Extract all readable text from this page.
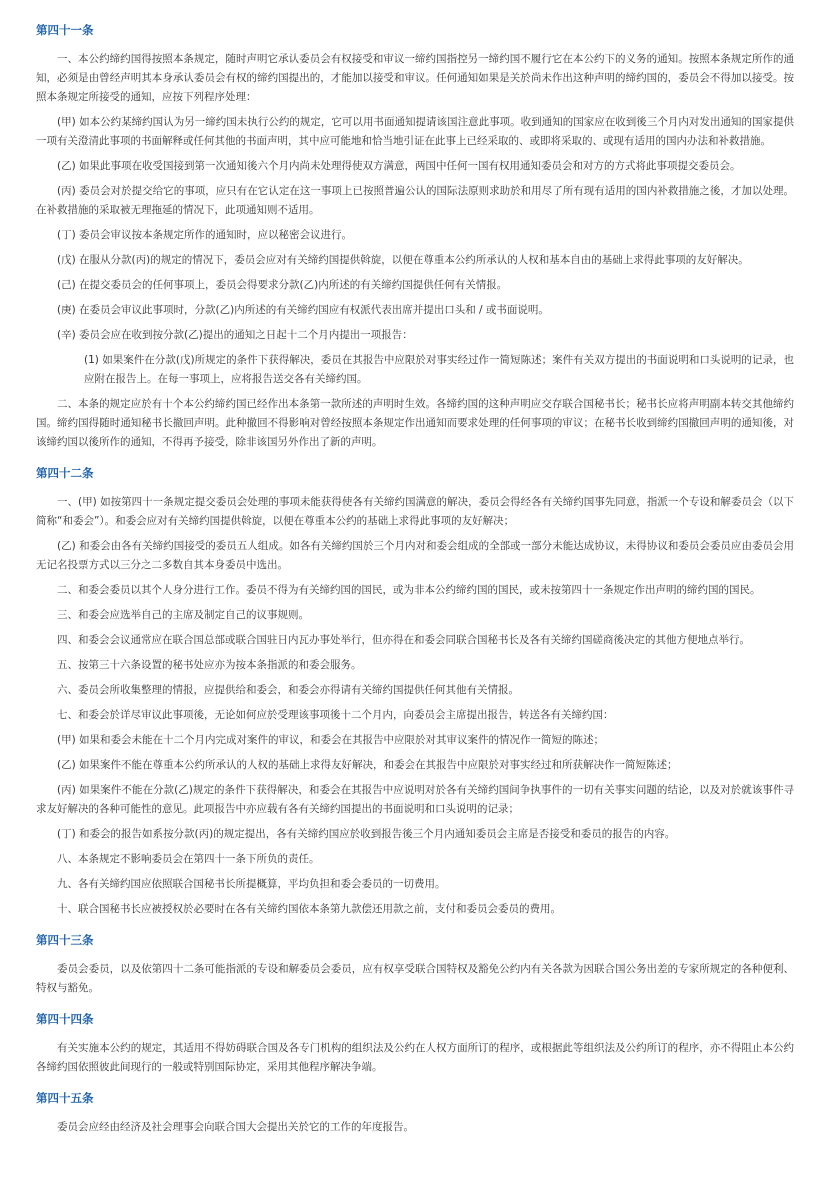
第四十一条

一、本公约缔约国得按照本条规定，随时声明它承认委员会有权接受和审议一缔约国指控另一缔约国不履行它在本公约下的义务的通知。按照本条规定所作的通知，必须是由曾经声明其本身承认委员会有权的缔约国提出的，才能加以接受和审议。任何通知如果是关於尚未作出这种声明的缔约国的，委员会不得加以接受。按照本条规定所接受的通知，应按下列程序处理：

(甲) 如本公约某缔约国认为另一缔约国未执行公约的规定，它可以用书面通知提请该国注意此事项。收到通知的国家应在收到後三个月内对发出通知的国家提供一项有关澄清此事项的书面解释或任何其他的书面声明，其中应可能地和恰当地引证在此事上已经采取的、或即将采取的、或现有适用的国内办法和补救措施。

(乙) 如果此事项在收受国接到第一次通知後六个月内尚未处理得使双方满意，两国中任何一国有权用通知委员会和对方的方式将此事项提交委员会。

(丙) 委员会对於提交给它的事项，应只有在它认定在这一事项上已按照普遍公认的国际法原则求助於和用尽了所有现有适用的国内补救措施之後，才加以处理。在补救措施的采取被无理拖延的情况下，此项通知则不适用。

(丁) 委员会审议按本条规定所作的通知时，应以秘密会议进行。

(戊) 在服从分款(丙)的规定的情况下，委员会应对有关缔约国提供斡旋，以便在尊重本公约所承认的人权和基本自由的基础上求得此事项的友好解决。

(己) 在提交委员会的任何事项上，委员会得要求分款(乙)内所述的有关缔约国提供任何有关情报。

(庚) 在委员会审议此事项时，分款(乙)内所述的有关缔约国应有权派代表出席并提出口头和 / 或书面说明。

(辛) 委员会应在收到按分款(乙)提出的通知之日起十二个月内提出一项报告：

(1) 如果案件在分款(戊)所规定的条件下获得解决，委员在其报告中应限於对事实经过作一简短陈述；案件有关双方提出的书面说明和口头说明的记录，也应附在报告上。在每一事项上，应将报告送交各有关缔约国。

二、本条的规定应於有十个本公约缔约国已经作出本条第一款所述的声明时生效。各缔约国的这种声明应交存联合国秘书长；秘书长应将声明副本转交其他缔约国。缔约国得随时通知秘书长撤回声明。此种撤回不得影响对曾经按照本条规定作出通知而要求处理的任何事项的审议；在秘书长收到缔约国撤回声明的通知後，对该缔约国以後所作的通知，不得再予接受，除非该国另外作出了新的声明。

第四十二条

一、(甲) 如按第四十一条规定提交委员会处理的事项未能获得使各有关缔约国满意的解决，委员会得经各有关缔约国事先同意，指派一个专设和解委员会（以下简称“和委会”）。和委会应对有关缔约国提供斡旋，以便在尊重本公约的基础上求得此事项的友好解决；

(乙) 和委会由各有关缔约国接受的委员五人组成。如各有关缔约国於三个月内对和委会组成的全部或一部分未能达成协议，未得协议和委员会委员应由委员会用无记名投票方式以三分之二多数自其本身委员中选出。

二、和委会委员以其个人身分进行工作。委员不得为有关缔约国的国民，或为非本公约缔约国的国民，或未按第四十一条规定作出声明的缔约国的国民。

三、和委会应选举自己的主席及制定自己的议事规则。

四、和委会会议通常应在联合国总部或联合国驻日内瓦办事处举行，但亦得在和委会同联合国秘书长及各有关缔约国磋商後决定的其他方便地点举行。

五、按第三十六条设置的秘书处应亦为按本条指派的和委会服务。

六、委员会所收集整理的情报，应提供给和委会，和委会亦得请有关缔约国提供任何其他有关情报。

七、和委会於详尽审议此事项後，无论如何应於受理该事项後十二个月内，向委员会主席提出报告，转送各有关缔约国：

(甲) 如果和委会未能在十二个月内完成对案件的审议，和委会在其报告中应限於对其审议案件的情况作一简短的陈述；

(乙) 如果案件不能在尊重本公约所承认的人权的基础上求得友好解决，和委会在其报告中应限於对事实经过和所获解决作一简短陈述；

(丙) 如果案件不能在分款(乙)规定的条件下获得解决，和委会在其报告中应说明对於各有关缔约国间争执事件的一切有关事实问题的结论，以及对於就该事件寻求友好解决的各种可能性的意见。此项报告中亦应载有各有关缔约国提出的书面说明和口头说明的记录；

(丁) 和委会的报告如系按分款(丙)的规定提出，各有关缔约国应於收到报告後三个月内通知委员会主席是否接受和委员的报告的内容。

八、本条规定不影响委员会在第四十一条下所负的责任。

九、各有关缔约国应依照联合国秘书长所提概算，平均负担和委会委员的一切费用。

十、联合国秘书长应被授权於必要时在各有关缔约国依本条第九款偿还用款之前，支付和委员会委员的费用。

第四十三条

委员会委员，以及依第四十二条可能指派的专设和解委员会委员，应有权享受联合国特权及豁免公约内有关各款为因联合国公务出差的专家所规定的各种便利、特权与豁免。

第四十四条

有关实施本公约的规定，其适用不得妨碍联合国及各专门机构的组织法及公约在人权方面所订的程序，或根据此等组织法及公约所订的程序，亦不得阻止本公约各缔约国依照彼此间现行的一般或特别国际协定，采用其他程序解决争端。

第四十五条

委员会应经由经济及社会理事会向联合国大会提出关於它的工作的年度报告。
